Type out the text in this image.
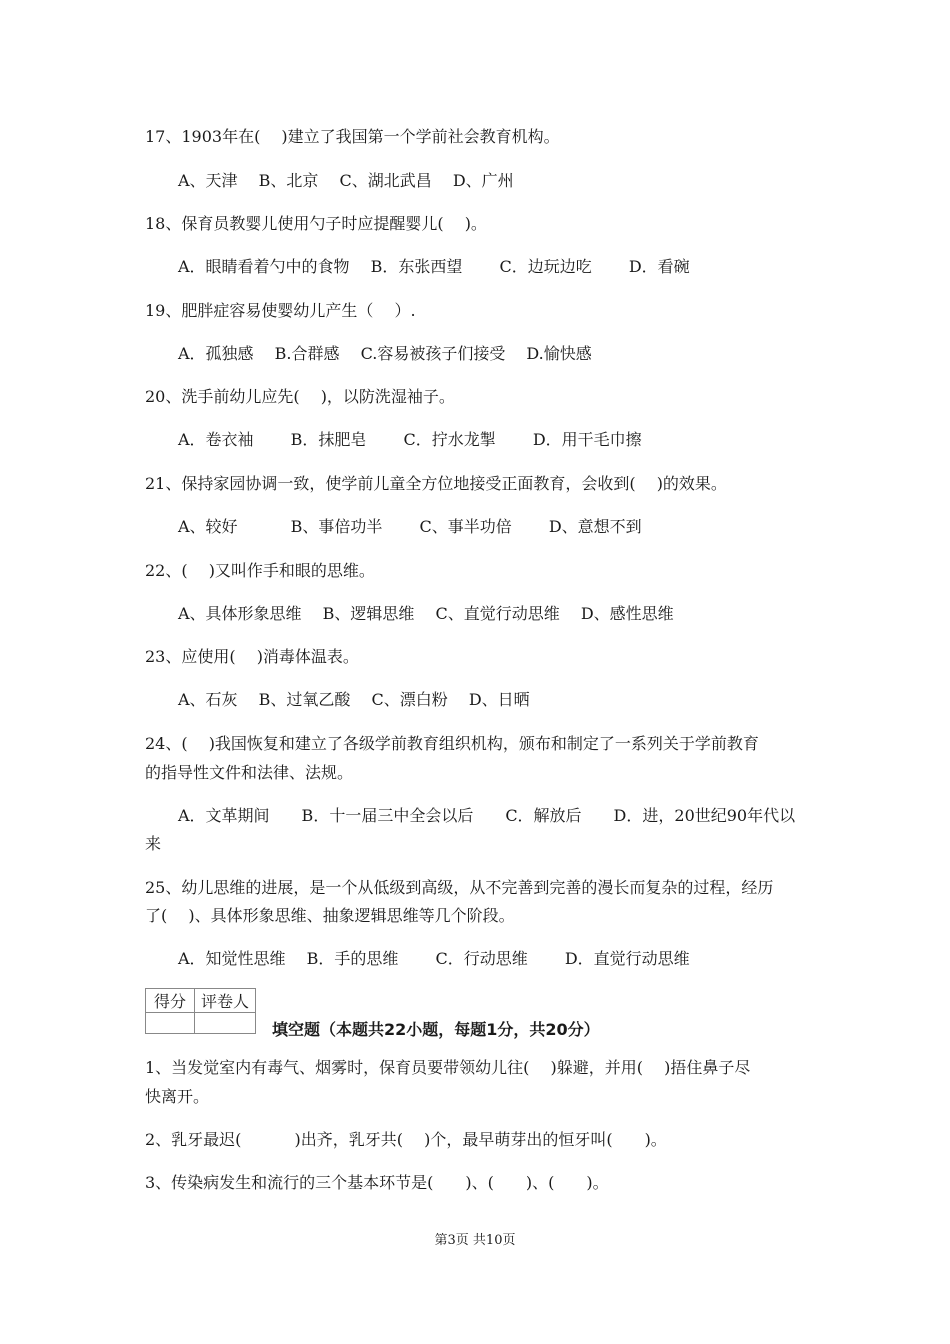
17、1903年在(　 )建立了我国第一个学前社会教育机构。
A、天津　 B、北京　 C、湖北武昌　 D、广州
18、保育员教婴儿使用勺子时应提醒婴儿(　 )。
A．眼睛看着勺中的食物　 B．东张西望　　 C．边玩边吃　　 D．看碗
19、肥胖症容易使婴幼儿产生（　 ）.
A．孤独感　 B.合群感　 C.容易被孩子们接受　 D.愉快感
20、洗手前幼儿应先(　 )，以防洗湿袖子。
A．卷衣袖　　 B．抹肥皂　　 C．拧水龙掣　　 D．用干毛巾擦
21、保持家园协调一致，使学前儿童全方位地接受正面教育，会收到(　 )的效果。
A、较好　　　 B、事倍功半　　 C、事半功倍　　 D、意想不到
22、(　 )又叫作手和眼的思维。
A、具体形象思维　 B、逻辑思维　 C、直觉行动思维　 D、感性思维
23、应使用(　 )消毒体温表。
A、石灰　 B、过氧乙酸　 C、漂白粉　 D、日晒
24、(　 )我国恢复和建立了各级学前教育组织机构，颁布和制定了一系列关于学前教育
的指导性文件和法律、法规。
A．文革期间　　B．十一届三中全会以后　　C．解放后　　D．进，20世纪90年代以
来
25、幼儿思维的进展，是一个从低级到高级，从不完善到完善的漫长而复杂的过程，经历
了(　 )、具体形象思维、抽象逻辑思维等几个阶段。
A．知觉性思维　 B．手的思维　　 C．行动思维　　 D．直觉行动思维
得分	评卷人

填空题（本题共22小题，每题1分，共20分）
1、当发觉室内有毒气、烟雾时，保育员要带领幼儿往(　 )躲避，并用(　 )捂住鼻子尽
快离开。
2、乳牙最迟(　　　 )出齐，乳牙共(　 )个，最早萌芽出的恒牙叫(　　)。
3、传染病发生和流行的三个基本环节是(　　)、(　　)、(　　)。
第3页 共10页
